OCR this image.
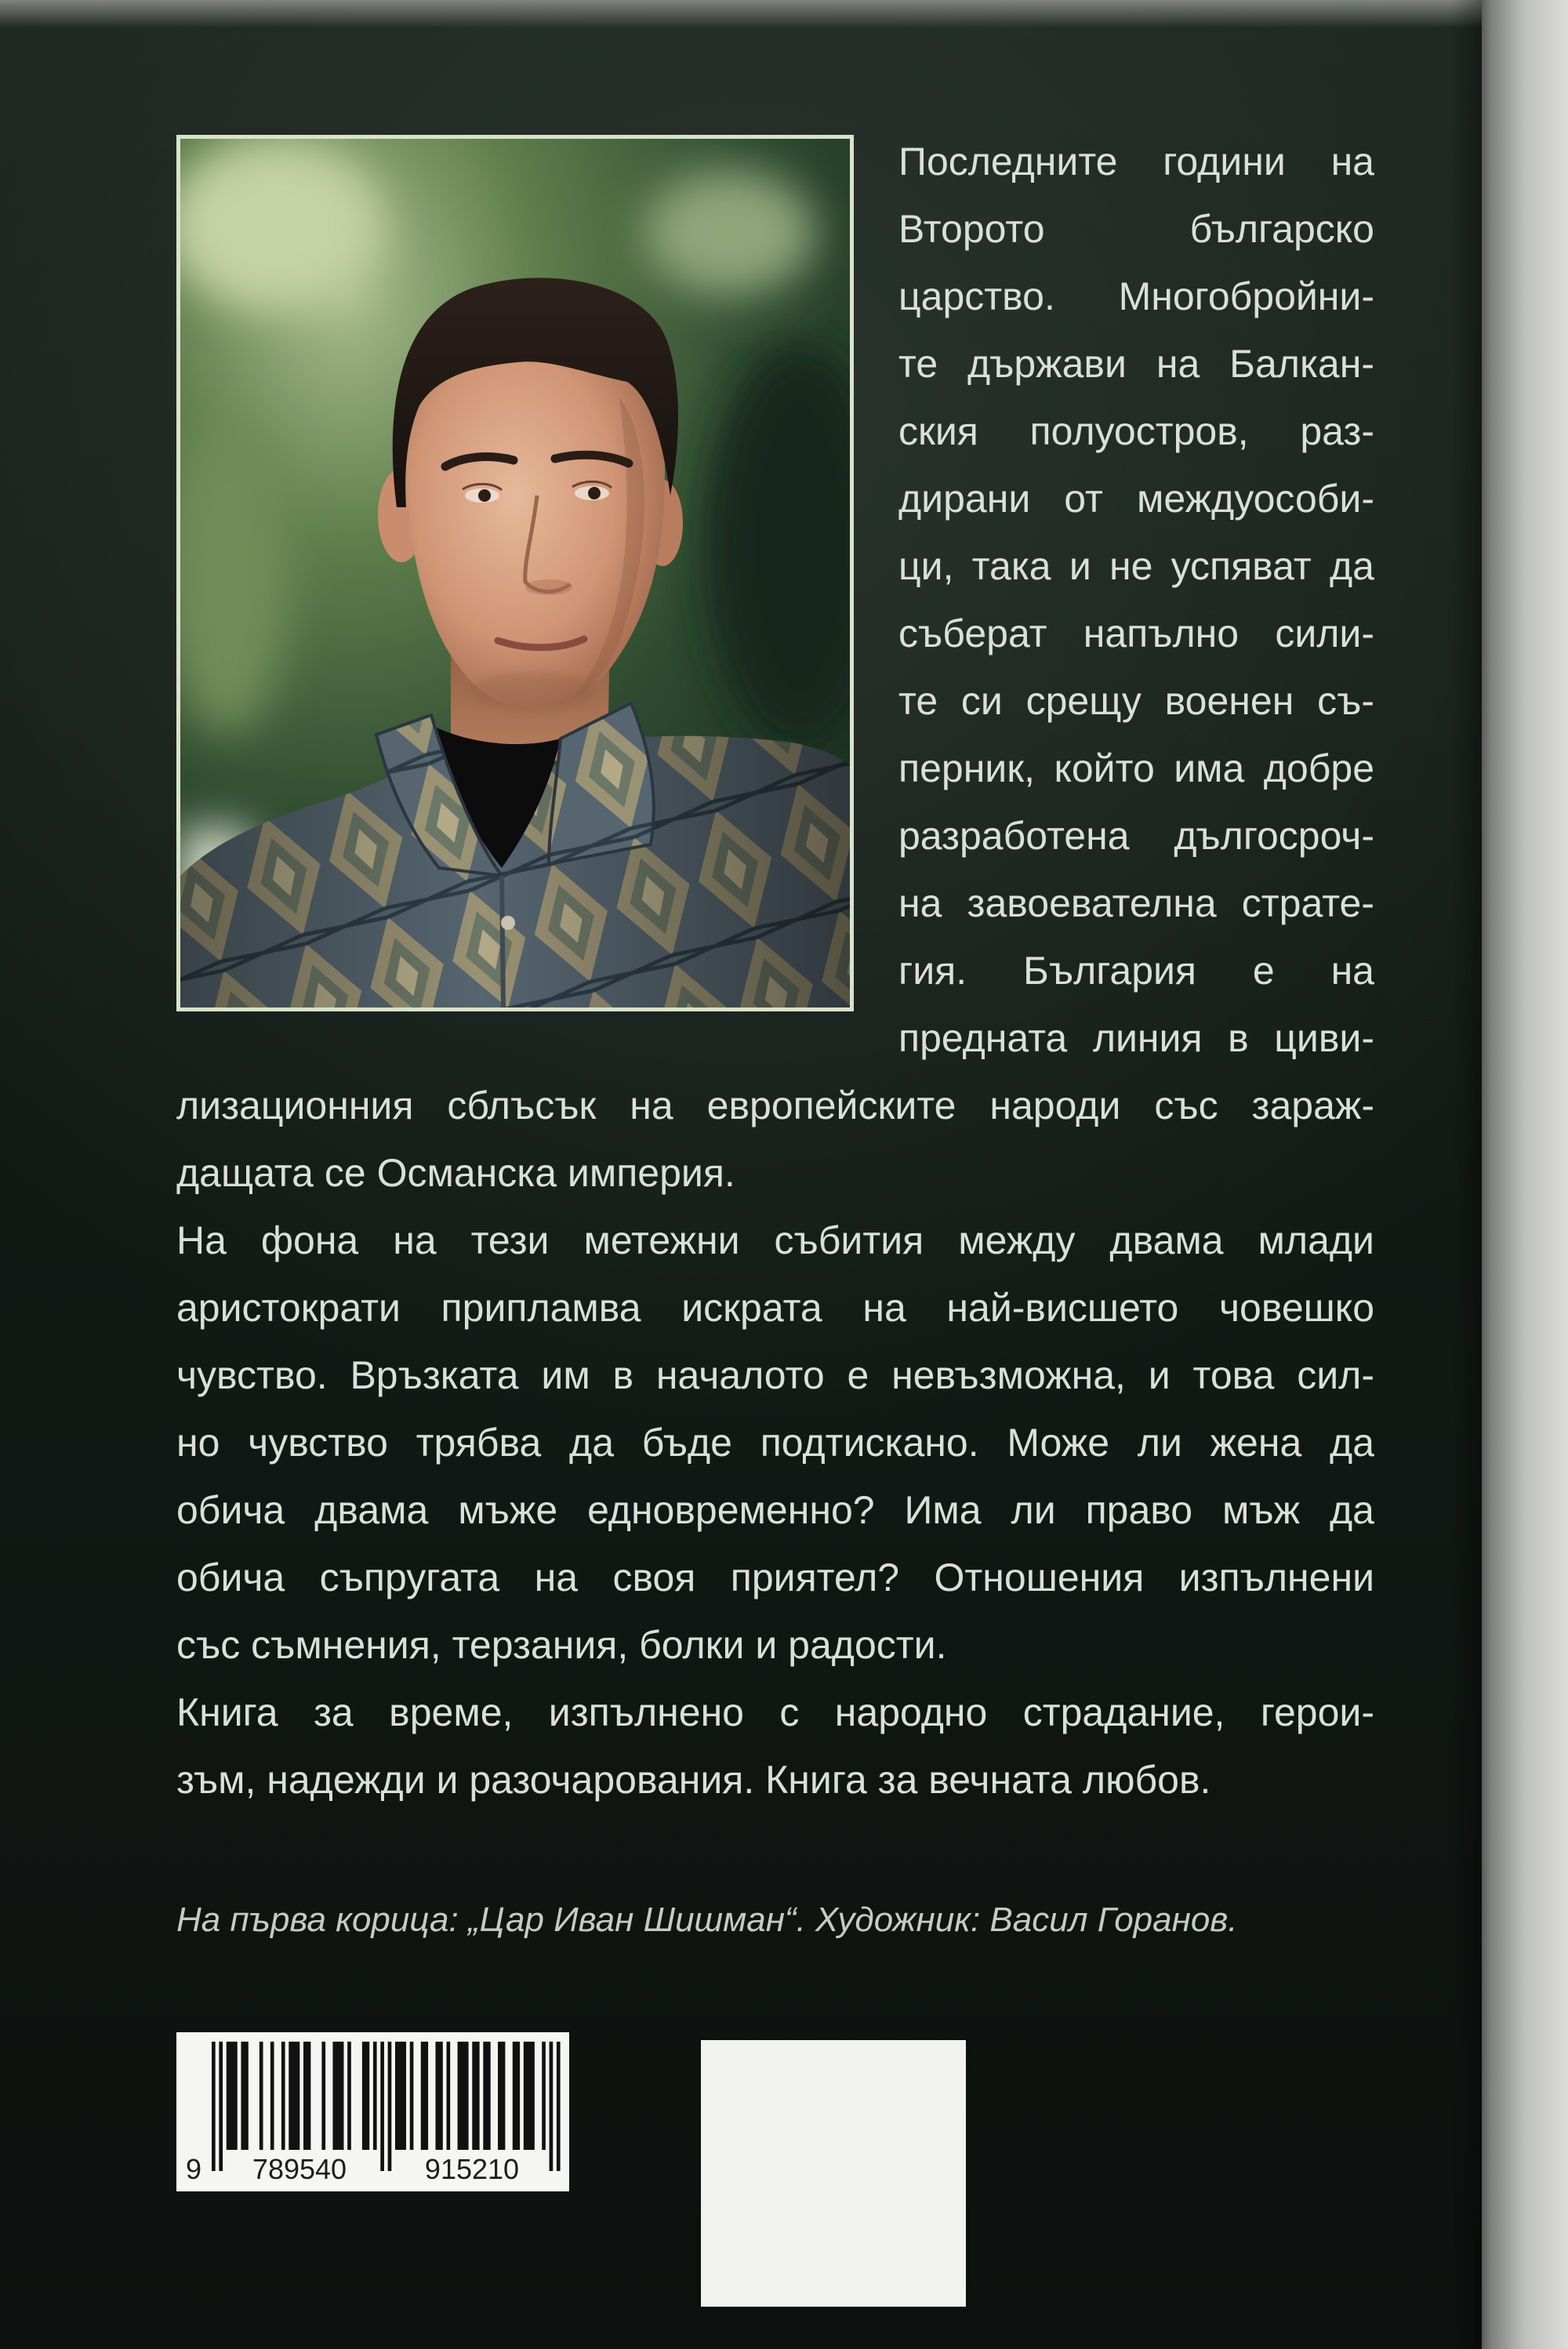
Последните години на
Второто българско
царство. Многобройни-
те държави на Балкан-
ския полуостров, раз-
дирани от междуособи-
ци, така и не успяват да
съберат напълно сили-
те си срещу военен съ-
перник, който има добре
разработена дългосроч-
на завоевателна страте-
гия. България е на
предната линия в циви-
лизационния сблъсък на европейските народи със зараж-
дащата се Османска империя.
На фона на тези метежни събития между двама млади
аристократи припламва искрата на най-висшето човешко
чувство. Връзката им в началото е невъзможна, и това сил-
но чувство трябва да бъде подтискано. Може ли жена да
обича двама мъже едновременно? Има ли право мъж да
обича съпругата на своя приятел? Отношения изпълнени
със съмнения, терзания, болки и радости.
Книга за време, изпълнено с народно страдание, герои-
зъм, надежди и разочарования. Книга за вечната любов.
На първа корица: „Цар Иван Шишман“. Художник: Васил Горанов.
9	789540	915210
